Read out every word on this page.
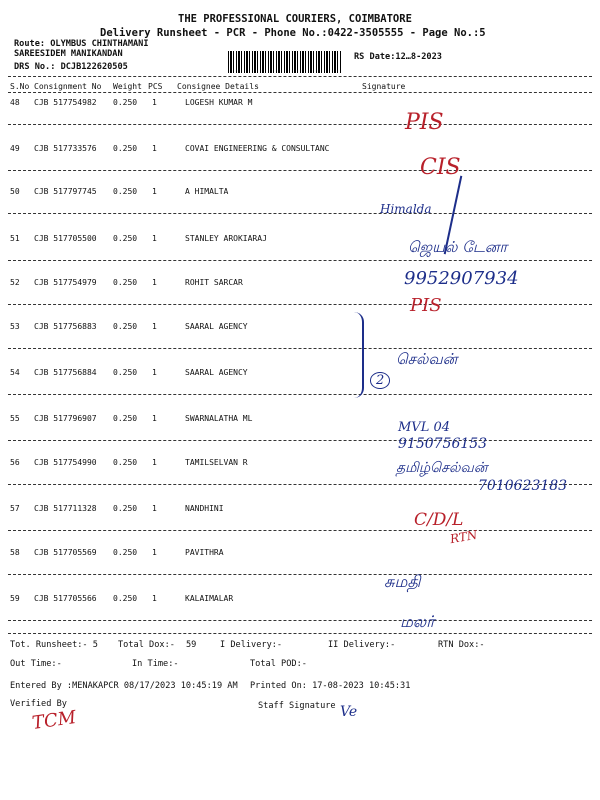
THE PROFESSIONAL COURIERS, COIMBATORE
Delivery Runsheet - PCR - Phone No.:0422-3505555 - Page No.:5
Route: OLYMBUS CHINTHAMANI
SAREESIDEM MANIKANDAN
DRS No.: DCJB122620505
RS Date:12…8-2023
S.No Consignment No Weight PCS Consignee Details	Signature
48 CJB 517754982 0.250 1	LOGESH KUMAR M
49 CJB 517733576 0.250 1	COVAI ENGINEERING & CONSULTANC
50 CJB 517797745 0.250 1	A HIMALTA
51 CJB 517705500 0.250 1	STANLEY AROKIARAJ
52 CJB 517754979 0.250 1	ROHIT SARCAR
53 CJB 517756883 0.250 1	SAARAL AGENCY
54 CJB 517756884 0.250 1	SAARAL AGENCY
55 CJB 517796907 0.250 1	SWARNALATHA ML
56 CJB 517754990 0.250 1	TAMILSELVAN R
57 CJB 517711328 0.250 1	NANDHINI
58 CJB 517705569 0.250 1	PAVITHRA
59 CJB 517705566 0.250 1	KALAIMALAR
PIS
CIS
Himalda
ஜெயல் டேனா
9952907934
PIS
2
செல்வன்
MVL 04
9150756153
தமிழ்செல்வன்
7010623183
C/D/L
RTN
சுமதி
மலர்
Tot. Runsheet:- 5 Total Dox:- 59	I Delivery:-	II Delivery:-	RTN Dox:-
Out Time:-	In Time:-	Total POD:-
Entered By :MENAKAPCR 08/17/2023 10:45:19 AM Printed On: 17-08-2023 10:45:31
Verified By	Staff Signature
TCM	Ve
